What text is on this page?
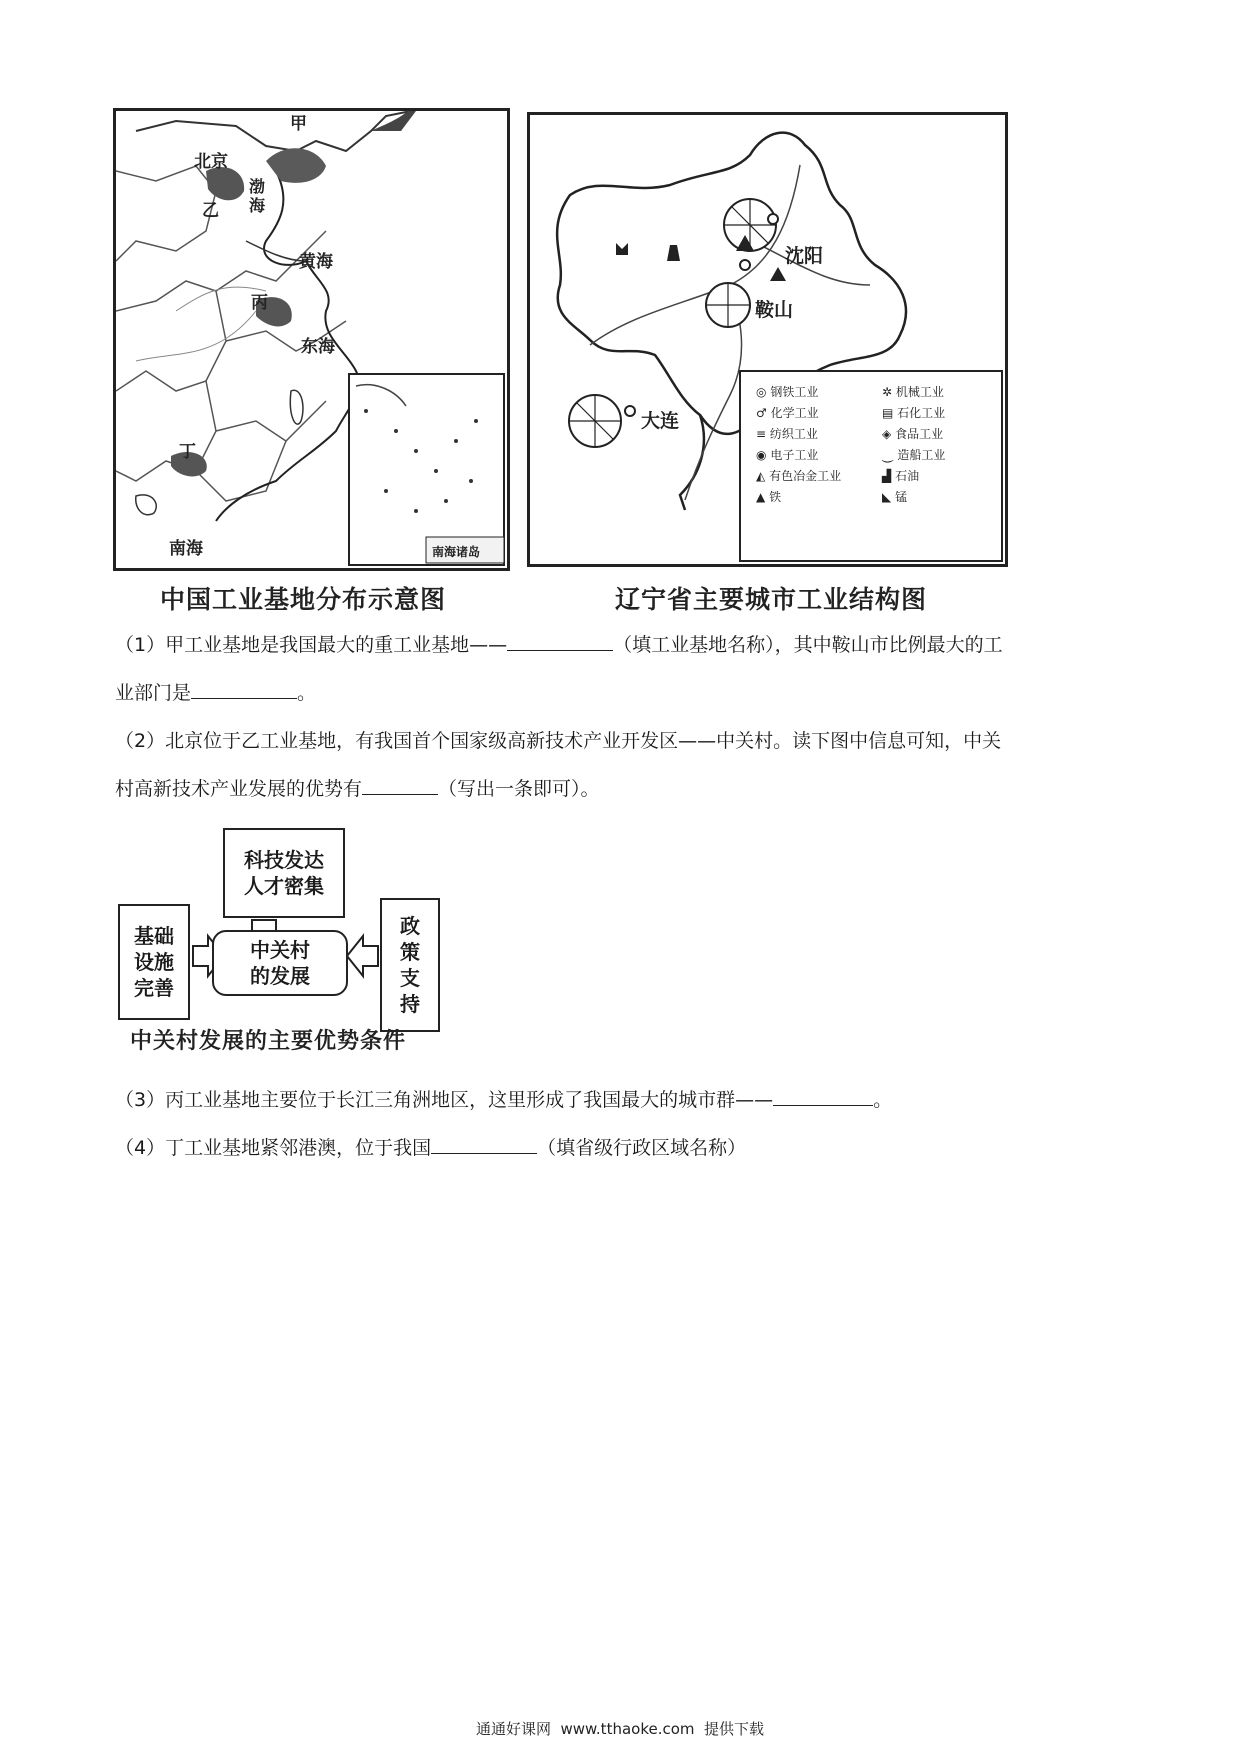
甲
北京
乙
渤海
黄海
丙
东海
丁
南海	南海诸岛
中国工业基地分布示意图
沈阳
鞍山
大连
◎ 钢铁工业	✲ 机械工业
♂ 化学工业	▤ 石化工业
≡ 纺织工业	◈ 食品工业
◉ 电子工业	⏝ 造船工业
◭ 有色冶金工业	▟ 石油
▲ 铁	◣ 锰
辽宁省主要城市工业结构图
（1）甲工业基地是我国最大的重工业基地——	（填工业基地名称），其中鞍山市比例最大的工
业部门是	。
（2）北京位于乙工业基地，有我国首个国家级高新技术产业开发区——中关村。读下图中信息可知，中关
村高新技术产业发展的优势有	（写出一条即可）。
科技发达
人才密集
基础
设施
完善
中关村
的发展
政
策
支
持
中关村发展的主要优势条件
（3）丙工业基地主要位于长江三角洲地区，这里形成了我国最大的城市群——	。
（4）丁工业基地紧邻港澳，位于我国	（填省级行政区域名称）
通通好课网  www.tthaoke.com  提供下载
